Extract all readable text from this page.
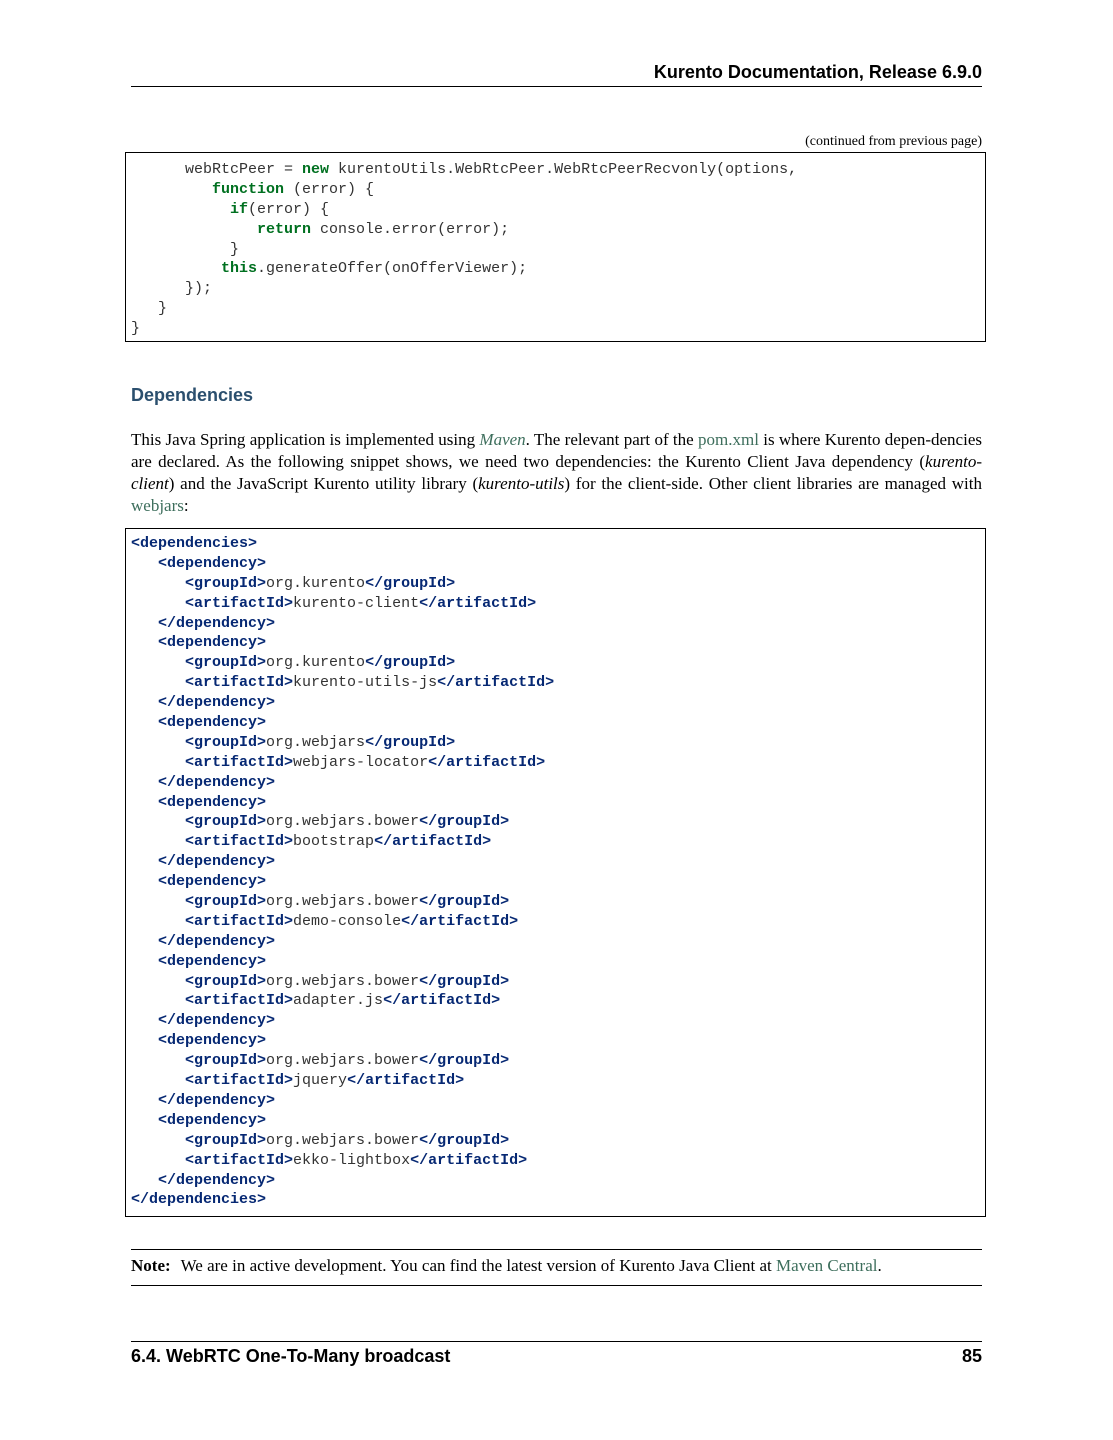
Kurento Documentation, Release 6.9.0
(continued from previous page)
webRtcPeer = new kurentoUtils.WebRtcPeer.WebRtcPeerRecvonly(options,
function (error) {
if(error) {
return console.error(error);
}
this.generateOffer(onOfferViewer);
});
}
}
Dependencies
This Java Spring application is implemented using Maven. The relevant part of the pom.xml is where Kurento depen-dencies are declared. As the following snippet shows, we need two dependencies: the Kurento Client Java dependency (kurento-client) and the JavaScript Kurento utility library (kurento-utils) for the client-side. Other client libraries are managed with webjars:
<dependencies>
<dependency>
<groupId>org.kurento</groupId>
<artifactId>kurento-client</artifactId>
</dependency>
<dependency>
<groupId>org.kurento</groupId>
<artifactId>kurento-utils-js</artifactId>
</dependency>
<dependency>
<groupId>org.webjars</groupId>
<artifactId>webjars-locator</artifactId>
</dependency>
<dependency>
<groupId>org.webjars.bower</groupId>
<artifactId>bootstrap</artifactId>
</dependency>
<dependency>
<groupId>org.webjars.bower</groupId>
<artifactId>demo-console</artifactId>
</dependency>
<dependency>
<groupId>org.webjars.bower</groupId>
<artifactId>adapter.js</artifactId>
</dependency>
<dependency>
<groupId>org.webjars.bower</groupId>
<artifactId>jquery</artifactId>
</dependency>
<dependency>
<groupId>org.webjars.bower</groupId>
<artifactId>ekko-lightbox</artifactId>
</dependency>
</dependencies>
Note: We are in active development. You can find the latest version of Kurento Java Client at Maven Central.
6.4. WebRTC One-To-Many broadcast	85
